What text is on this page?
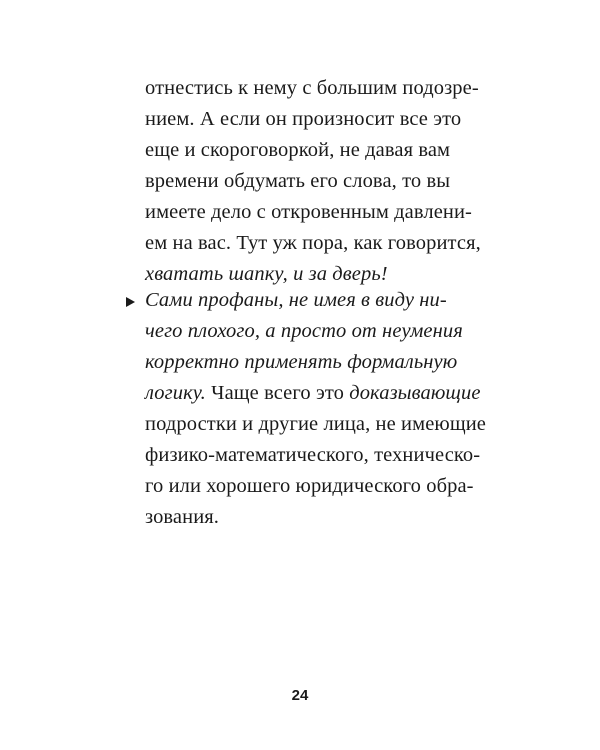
отнестись к нему с большим подозре-
нием. А если он произносит все это
еще и скороговоркой, не давая вам
времени обдумать его слова, то вы
имеете дело с откровенным давлени-
ем на вас. Тут уж пора, как говорится,
хватать шапку, и за дверь!
Сами профаны, не имея в виду ни-
чего плохого, а просто от неумения
корректно применять формальную
логику. Чаще всего это доказывающие
подростки и другие лица, не имеющие
физико-математического, техническо-
го или хорошего юридического обра-
зования.
24
